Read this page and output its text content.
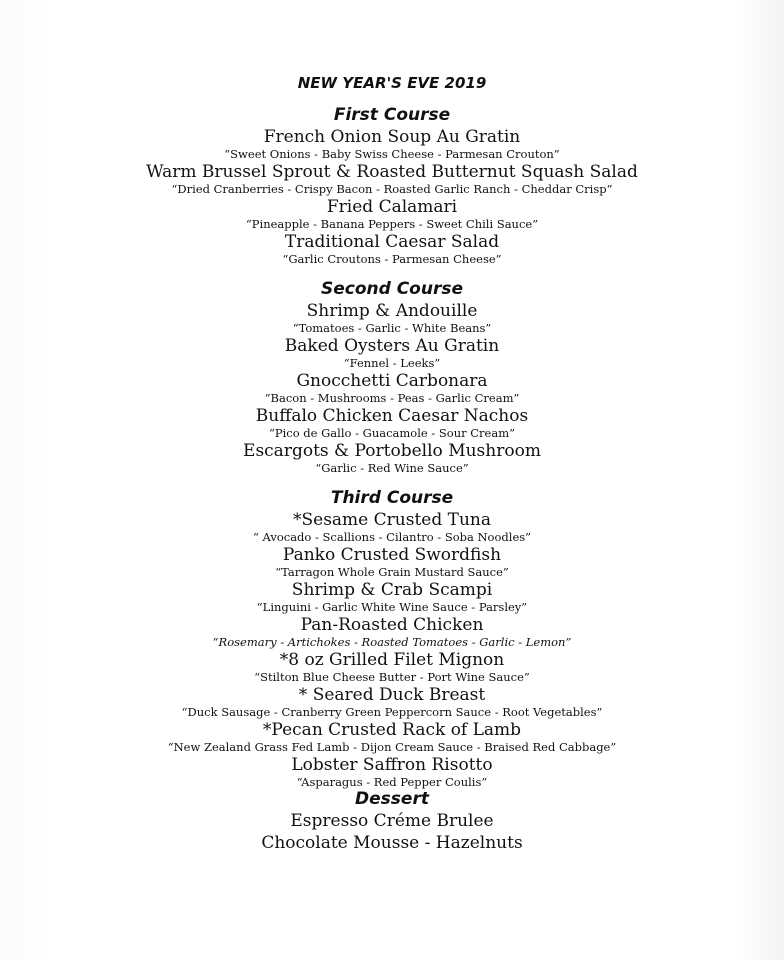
NEW YEAR'S EVE 2019
First Course
French Onion Soup Au Gratin
“Sweet Onions - Baby Swiss Cheese - Parmesan Crouton”
Warm Brussel Sprout & Roasted Butternut Squash Salad
“Dried Cranberries - Crispy Bacon - Roasted Garlic Ranch - Cheddar Crisp”
Fried Calamari
“Pineapple - Banana Peppers - Sweet Chili Sauce”
Traditional Caesar Salad
“Garlic Croutons - Parmesan Cheese”
Second Course
Shrimp & Andouille
“Tomatoes - Garlic - White Beans”
Baked Oysters Au Gratin
“Fennel - Leeks”
Gnocchetti Carbonara
“Bacon - Mushrooms - Peas - Garlic Cream”
Buffalo Chicken Caesar Nachos
“Pico de Gallo - Guacamole - Sour Cream”
Escargots & Portobello Mushroom
“Garlic - Red Wine Sauce”
Third Course
*Sesame Crusted Tuna
“ Avocado - Scallions - Cilantro - Soba Noodles”
Panko Crusted Swordfish
“Tarragon Whole Grain Mustard Sauce”
Shrimp & Crab Scampi
“Linguini - Garlic White Wine Sauce - Parsley”
Pan-Roasted Chicken
“Rosemary - Artichokes - Roasted Tomatoes - Garlic - Lemon”
*8 oz Grilled Filet Mignon
“Stilton Blue Cheese Butter - Port Wine Sauce”
* Seared Duck Breast
“Duck Sausage - Cranberry Green Peppercorn Sauce - Root Vegetables”
*Pecan Crusted Rack of Lamb
“New Zealand Grass Fed Lamb - Dijon Cream Sauce - Braised Red Cabbage”
Lobster Saffron Risotto
“Asparagus - Red Pepper Coulis”
Dessert
Espresso Créme Brulee
Chocolate Mousse - Hazelnuts
